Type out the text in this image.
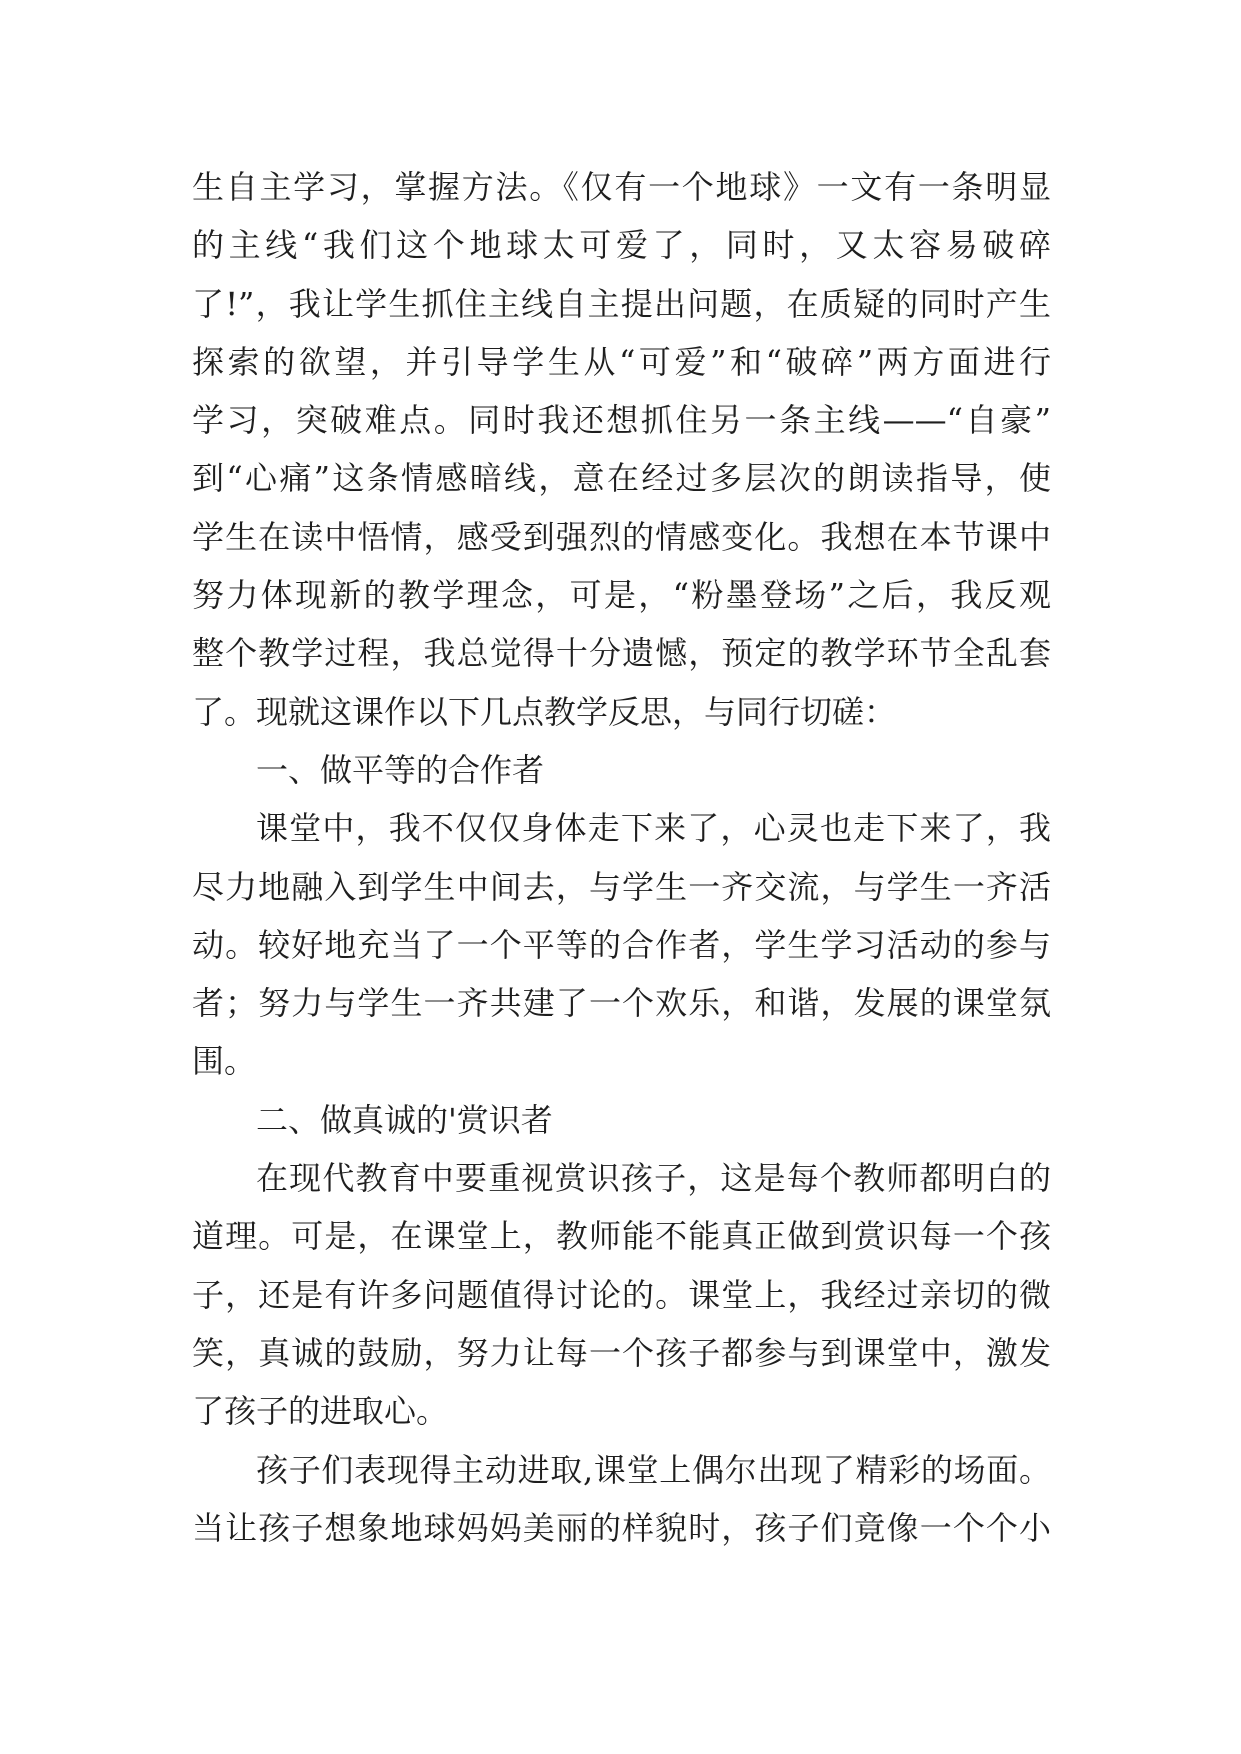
生自主学习，掌握方法。《仅有一个地球》一文有一条明显
的主线“我们这个地球太可爱了，同时，又太容易破碎
了!”，我让学生抓住主线自主提出问题，在质疑的同时产生
探索的欲望，并引导学生从“可爱”和“破碎”两方面进行
学习，突破难点。同时我还想抓住另一条主线——“自豪”
到“心痛”这条情感暗线，意在经过多层次的朗读指导，使
学生在读中悟情，感受到强烈的情感变化。我想在本节课中
努力体现新的教学理念，可是，“粉墨登场”之后，我反观
整个教学过程，我总觉得十分遗憾，预定的教学环节全乱套
了。现就这课作以下几点教学反思，与同行切磋：
一、做平等的合作者
课堂中，我不仅仅身体走下来了，心灵也走下来了，我
尽力地融入到学生中间去，与学生一齐交流，与学生一齐活
动。较好地充当了一个平等的合作者，学生学习活动的参与
者；努力与学生一齐共建了一个欢乐，和谐，发展的课堂氛
围。
二、做真诚的'赏识者
在现代教育中要重视赏识孩子，这是每个教师都明白的
道理。可是，在课堂上，教师能不能真正做到赏识每一个孩
子，还是有许多问题值得讨论的。课堂上，我经过亲切的微
笑，真诚的鼓励，努力让每一个孩子都参与到课堂中，激发
了孩子的进取心。
孩子们表现得主动进取,课堂上偶尔出现了精彩的场面。
当让孩子想象地球妈妈美丽的样貌时，孩子们竟像一个个小
